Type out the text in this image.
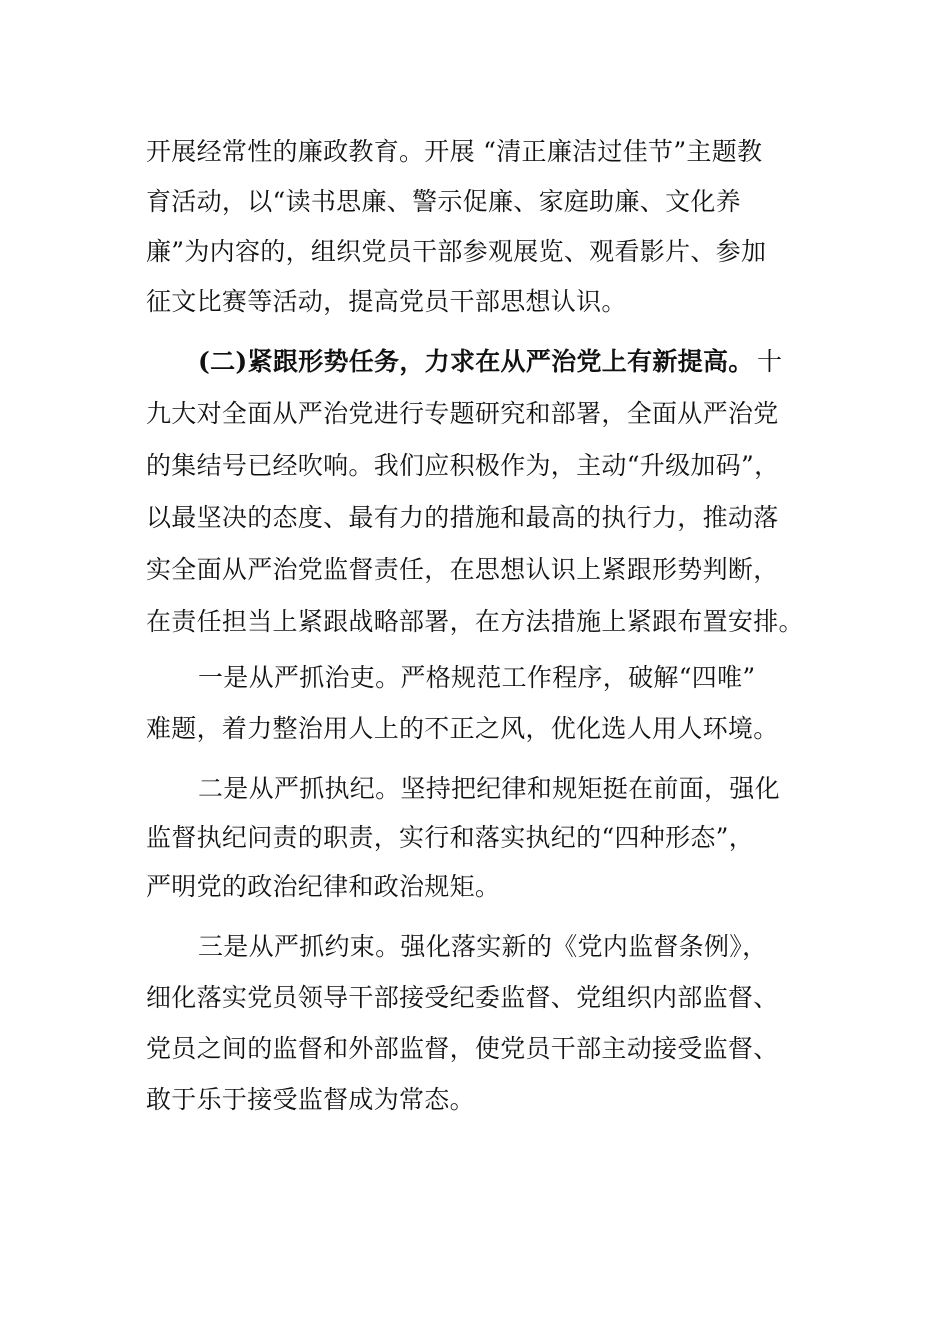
开展经常性的廉政教育。开展 “清正廉洁过佳节”主题教
育活动，以“读书思廉、警示促廉、家庭助廉、文化养
廉”为内容的，组织党员干部参观展览、观看影片、参加
征文比赛等活动，提高党员干部思想认识。
(二)紧跟形势任务，力求在从严治党上有新提高。 十
九大对全面从严治党进行专题研究和部署，全面从严治党
的集结号已经吹响。我们应积极作为，主动“升级加码”，
以最坚决的态度、最有力的措施和最高的执行力，推动落
实全面从严治党监督责任，在思想认识上紧跟形势判断，
在责任担当上紧跟战略部署，在方法措施上紧跟布置安排。
一是从严抓治吏。严格规范工作程序，破解“四唯”
难题，着力整治用人上的不正之风，优化选人用人环境。
二是从严抓执纪。坚持把纪律和规矩挺在前面，强化
监督执纪问责的职责，实行和落实执纪的“四种形态”，
严明党的政治纪律和政治规矩。
三是从严抓约束。强化落实新的《党内监督条例》，
细化落实党员领导干部接受纪委监督、党组织内部监督、
党员之间的监督和外部监督，使党员干部主动接受监督、
敢于乐于接受监督成为常态。
